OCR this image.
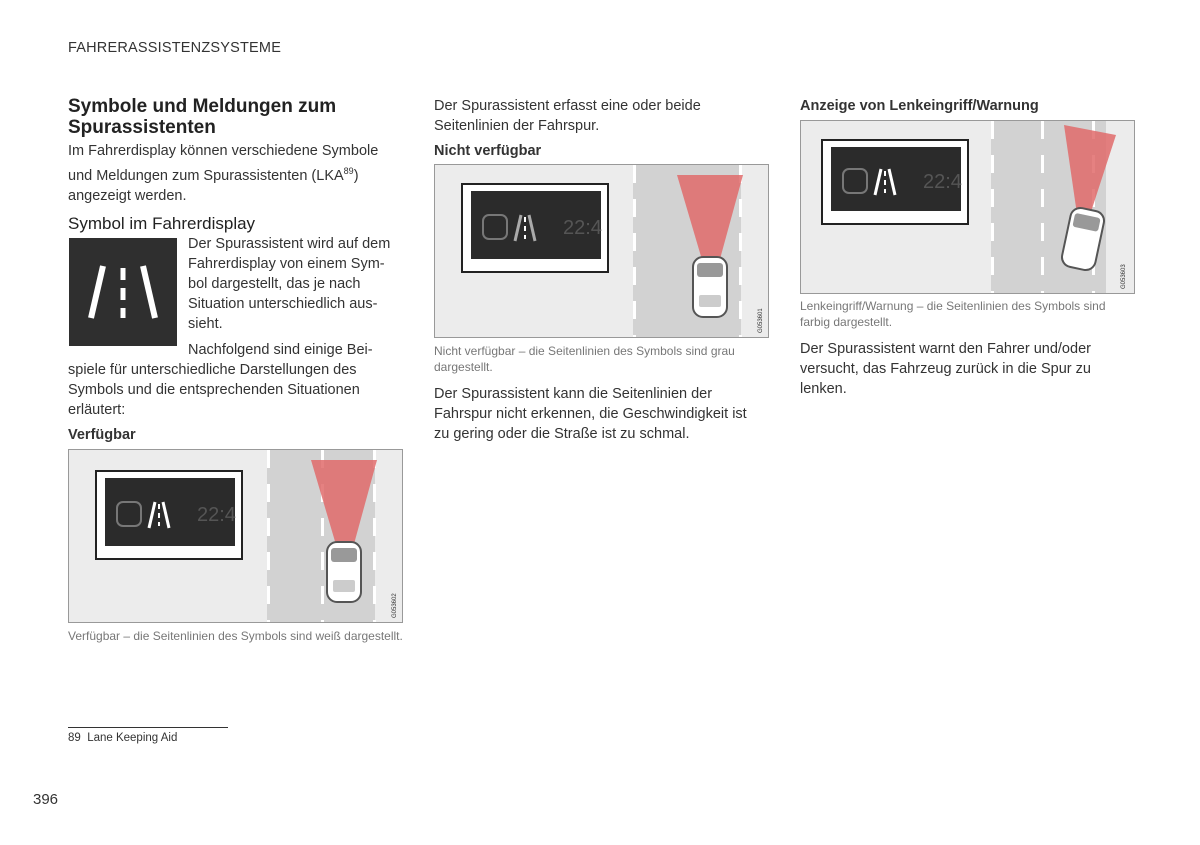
FAHRERASSISTENZSYSTEME
Symbole und Meldungen zum Spurassistenten
Im Fahrerdisplay können verschiedene Symbole und Meldungen zum Spurassistenten (LKA$^{89}$) angezeigt werden.
Symbol im Fahrerdisplay
Der Spurassistent wird auf dem
Fahrerdisplay von einem Sym-
bol dargestellt, das je nach
Situation unterschiedlich aus-
sieht.
Nachfolgend sind einige Bei-
spiele für unterschiedliche Darstellungen des Symbols und die entsprechenden Situationen erläutert:
Verfügbar
22:4
G053602
Verfügbar – die Seitenlinien des Symbols sind weiß dargestellt.
Der Spurassistent erfasst eine oder beide Seitenlinien der Fahrspur.
Nicht verfügbar
22:4
G053601
Nicht verfügbar – die Seitenlinien des Symbols sind grau dargestellt.
Der Spurassistent kann die Seitenlinien der Fahrspur nicht erkennen, die Geschwindigkeit ist zu gering oder die Straße ist zu schmal.
Anzeige von Lenkeingriff/Warnung
22:4
G053603
Lenkeingriff/Warnung – die Seitenlinien des Symbols sind farbig dargestellt.
Der Spurassistent warnt den Fahrer und/oder versucht, das Fahrzeug zurück in die Spur zu lenken.
89 Lane Keeping Aid
396
